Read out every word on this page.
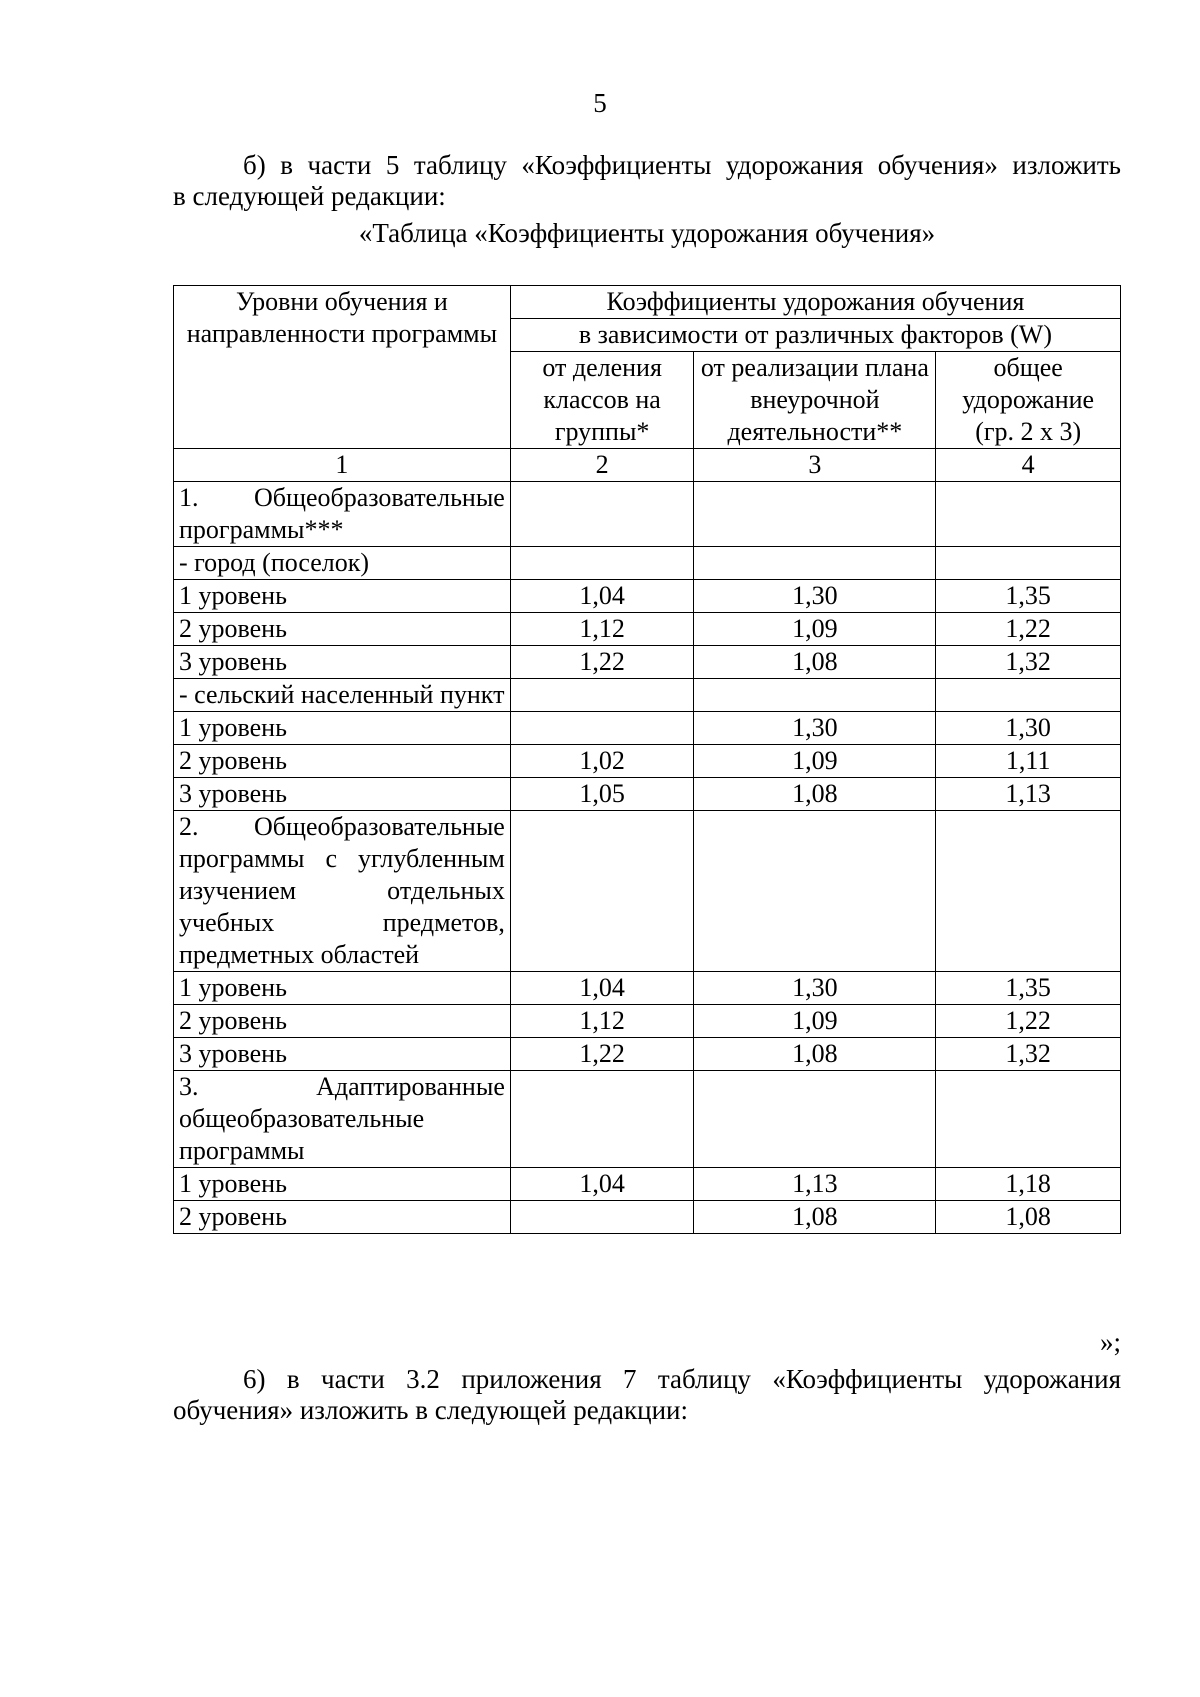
5
б) в части 5 таблицу «Коэффициенты удорожания обучения» изложить
в следующей редакции:
«Таблица «Коэффициенты удорожания обучения»
Уровни обучения и направленности программы	Коэффициенты удорожания обучения		
	в зависимости от различных факторов (W)		
	от деления классов на группы*	от реализации плана внеурочной деятельности**	общее удорожание (гр. 2 х 3)
1	2	3	4
1. Общеобразовательные программы***			
- город (поселок)			
1 уровень	1,04	1,30	1,35
2 уровень	1,12	1,09	1,22
3 уровень	1,22	1,08	1,32
- сельский населенный пункт			
1 уровень		1,30	1,30
2 уровень	1,02	1,09	1,11
3 уровень	1,05	1,08	1,13
2. Общеобразовательные программы с углубленным изучением отдельных учебных предметов, предметных областей			
1 уровень	1,04	1,30	1,35
2 уровень	1,12	1,09	1,22
3 уровень	1,22	1,08	1,32
3. Адаптированные общеобразовательные программы			
1 уровень	1,04	1,13	1,18
2 уровень		1,08	1,08
»;
6) в части 3.2 приложения 7 таблицу «Коэффициенты удорожания
обучения» изложить в следующей редакции:
